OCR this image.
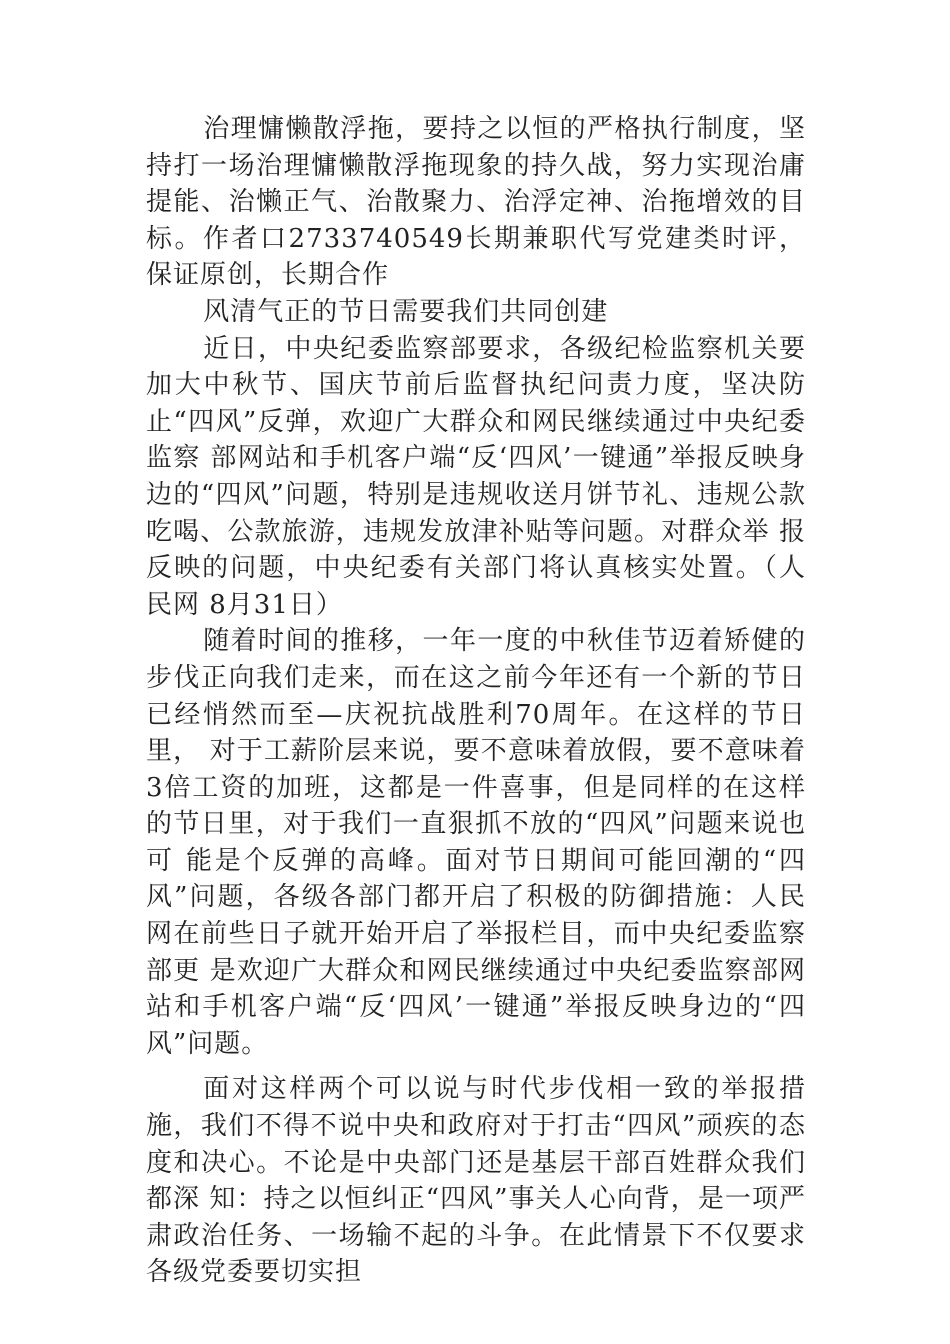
治理慵懒散浮拖，要持之以恒的严格执行制度，坚持打一场治理慵懒散浮拖现象的持久战，努力实现治庸提能、治懒正气、治散聚力、治浮定神、治拖增效的目标。作者口2733740549长期兼职代写党建类时评，保证原创，长期合作

风清气正的节日需要我们共同创建

近日，中央纪委监察部要求，各级纪检监察机关要加大中秋节、国庆节前后监督执纪问责力度，坚决防止“四风”反弹，欢迎广大群众和网民继续通过中央纪委监察 部网站和手机客户端“反‘四风’一键通”举报反映身边的“四风”问题，特别是违规收送月饼节礼、违规公款吃喝、公款旅游，违规发放津补贴等问题。对群众举 报反映的问题，中央纪委有关部门将认真核实处置。（人民网 8月31日）

随着时间的推移，一年一度的中秋佳节迈着矫健的步伐正向我们走来，而在这之前今年还有一个新的节日已经悄然而至—庆祝抗战胜利70周年。在这样的节日里， 对于工薪阶层来说，要不意味着放假，要不意味着3倍工资的加班，这都是一件喜事，但是同样的在这样的节日里，对于我们一直狠抓不放的“四风”问题来说也可 能是个反弹的高峰。面对节日期间可能回潮的“四风”问题，各级各部门都开启了积极的防御措施：人民网在前些日子就开始开启了举报栏目，而中央纪委监察部更 是欢迎广大群众和网民继续通过中央纪委监察部网站和手机客户端“反‘四风’一键通”举报反映身边的“四风”问题。

面对这样两个可以说与时代步伐相一致的举报措施，我们不得不说中央和政府对于打击“四风”顽疾的态度和决心。不论是中央部门还是基层干部百姓群众我们都深 知：持之以恒纠正“四风”事关人心向背，是一项严肃政治任务、一场输不起的斗争。在此情景下不仅要求各级党委要切实担
